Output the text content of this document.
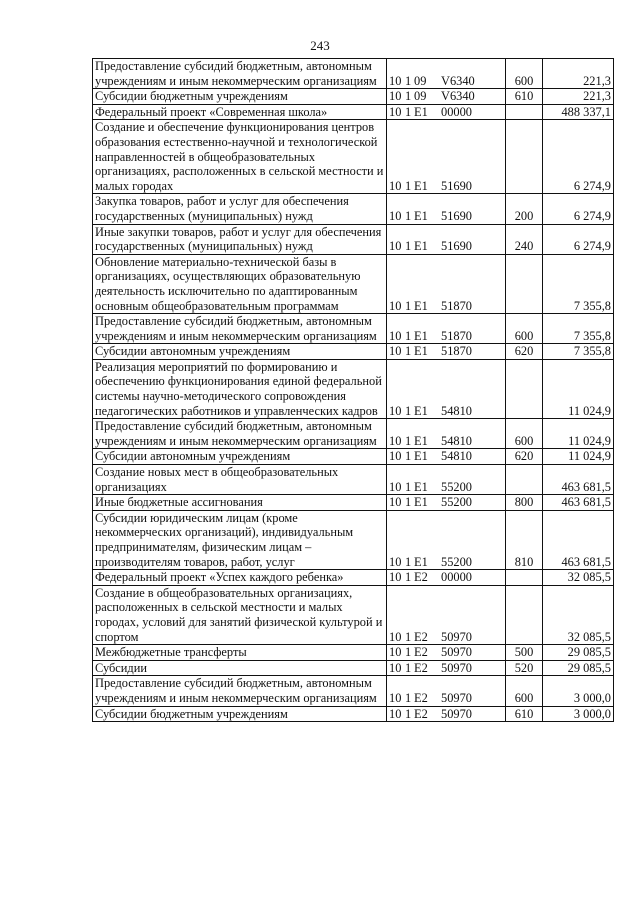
243
Предоставление субсидий бюджетным, автономным учреждениям и иным некоммерческим организациям	10 1 09 V6340	600	221,3
Субсидии бюджетным учреждениям	10 1 09 V6340	610	221,3
Федеральный проект «Современная школа»	10 1 E1 00000		488 337,1
Создание и обеспечение функционирования центров образования естественно-научной и технологической направленностей в общеобразовательных организациях, расположенных в сельской местности и малых городах	10 1 E1 51690		6 274,9
Закупка товаров, работ и услуг для обеспечения государственных (муниципальных) нужд	10 1 E1 51690	200	6 274,9
Иные закупки товаров, работ и услуг для обеспечения государственных (муниципальных) нужд	10 1 E1 51690	240	6 274,9
Обновление материально-технической базы в организациях, осуществляющих образовательную деятельность исключительно по адаптированным основным общеобразовательным программам	10 1 E1 51870		7 355,8
Предоставление субсидий бюджетным, автономным учреждениям и иным некоммерческим организациям	10 1 E1 51870	600	7 355,8
Субсидии автономным учреждениям	10 1 E1 51870	620	7 355,8
Реализация мероприятий по формированию и обеспечению функционирования единой федеральной системы научно-методического сопровождения педагогических работников и управленческих кадров	10 1 E1 54810		11 024,9
Предоставление субсидий бюджетным, автономным учреждениям и иным некоммерческим организациям	10 1 E1 54810	600	11 024,9
Субсидии автономным учреждениям	10 1 E1 54810	620	11 024,9
Создание новых мест в общеобразовательных организациях	10 1 E1 55200		463 681,5
Иные бюджетные ассигнования	10 1 E1 55200	800	463 681,5
Субсидии юридическим лицам (кроме некоммерческих организаций), индивидуальным предпринимателям, физическим лицам – производителям товаров, работ, услуг	10 1 E1 55200	810	463 681,5
Федеральный проект «Успех каждого ребенка»	10 1 E2 00000		32 085,5
Создание в общеобразовательных организациях, расположенных в сельской местности и малых городах, условий для занятий физической культурой и спортом	10 1 E2 50970		32 085,5
Межбюджетные трансферты	10 1 E2 50970	500	29 085,5
Субсидии	10 1 E2 50970	520	29 085,5
Предоставление субсидий бюджетным, автономным учреждениям и иным некоммерческим организациям	10 1 E2 50970	600	3 000,0
Субсидии бюджетным учреждениям	10 1 E2 50970	610	3 000,0
